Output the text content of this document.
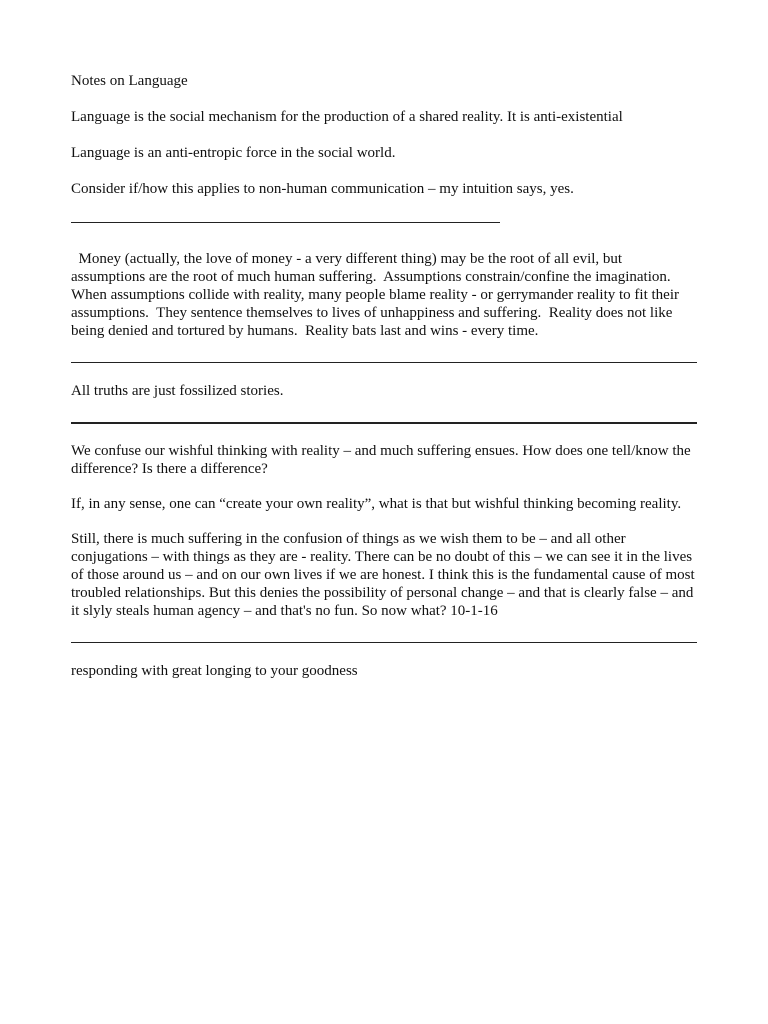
Notes on Language

Language is the social mechanism for the production of a shared reality. It is anti-existential

Language is an anti-entropic force in the social world.

Consider if/how this applies to non-human communication – my intuition says, yes.

Money (actually, the love of money - a very different thing) may be the root of all evil, but assumptions are the root of much human suffering.  Assumptions constrain/confine the imagination.  When assumptions collide with reality, many people blame reality - or gerrymander reality to fit their assumptions.  They sentence themselves to lives of unhappiness and suffering.  Reality does not like being denied and tortured by humans.  Reality bats last and wins - every time.

All truths are just fossilized stories.

We confuse our wishful thinking with reality – and much suffering ensues. How does one tell/know the difference? Is there a difference?

If, in any sense, one can “create your own reality”, what is that but wishful thinking becoming reality.

Still, there is much suffering in the confusion of things as we wish them to be – and all other conjugations – with things as they are - reality. There can be no doubt of this – we can see it in the lives of those around us – and on our own lives if we are honest. I think this is the fundamental cause of most troubled relationships. But this denies the possibility of personal change – and that is clearly false – and it slyly steals human agency – and that's no fun. So now what? 10-1-16

responding with great longing to your goodness
